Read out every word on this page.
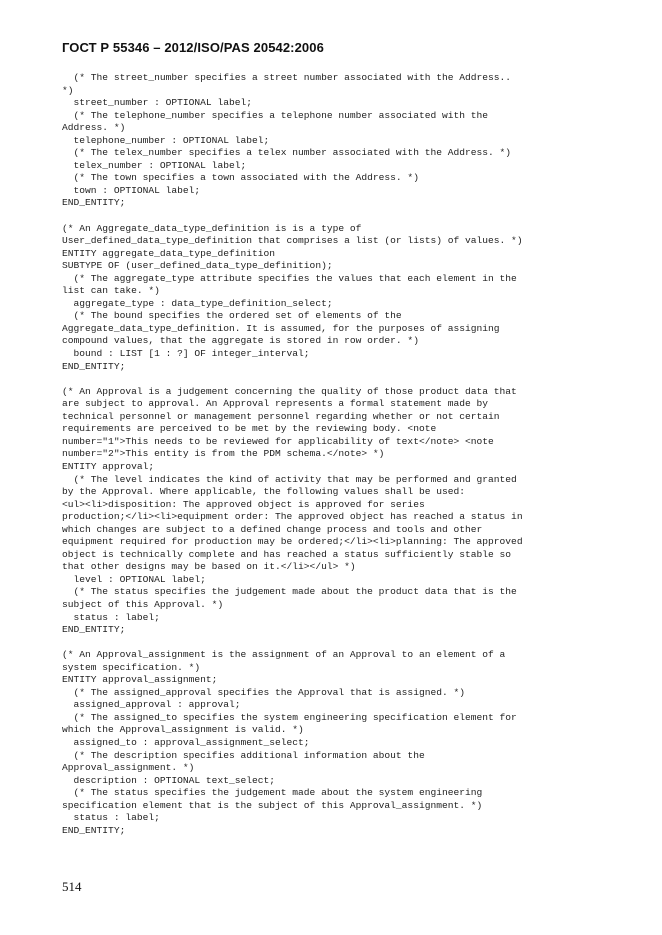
ГОСТ Р 55346 – 2012/ISO/PAS 20542:2006
(* The street_number specifies a street number associated with the Address..
*)
street_number : OPTIONAL label;
(* The telephone_number specifies a telephone number associated with the
Address. *)
telephone_number : OPTIONAL label;
(* The telex_number specifies a telex number associated with the Address. *)
telex_number : OPTIONAL label;
(* The town specifies a town associated with the Address. *)
town : OPTIONAL label;
END_ENTITY;

(* An Aggregate_data_type_definition is is a type of
User_defined_data_type_definition that comprises a list (or lists) of values. *)
ENTITY aggregate_data_type_definition
SUBTYPE OF (user_defined_data_type_definition);
(* The aggregate_type attribute specifies the values that each element in the
list can take. *)
aggregate_type : data_type_definition_select;
(* The bound specifies the ordered set of elements of the
Aggregate_data_type_definition. It is assumed, for the purposes of assigning
compound values, that the aggregate is stored in row order. *)
bound : LIST [1 : ?] OF integer_interval;
END_ENTITY;

(* An Approval is a judgement concerning the quality of those product data that
are subject to approval. An Approval represents a formal statement made by
technical personnel or management personnel regarding whether or not certain
requirements are perceived to be met by the reviewing body. <note
number="1">This needs to be reviewed for applicability of text</note> <note
number="2">This entity is from the PDM schema.</note> *)
ENTITY approval;
(* The level indicates the kind of activity that may be performed and granted
by the Approval. Where applicable, the following values shall be used:
<ul><li>disposition: The approved object is approved for series
production;</li><li>equipment order: The approved object has reached a status in
which changes are subject to a defined change process and tools and other
equipment required for production may be ordered;</li><li>planning: The approved
object is technically complete and has reached a status sufficiently stable so
that other designs may be based on it.</li></ul> *)
level : OPTIONAL label;
(* The status specifies the judgement made about the product data that is the
subject of this Approval. *)
status : label;
END_ENTITY;

(* An Approval_assignment is the assignment of an Approval to an element of a
system specification. *)
ENTITY approval_assignment;
(* The assigned_approval specifies the Approval that is assigned. *)
assigned_approval : approval;
(* The assigned_to specifies the system engineering specification element for
which the Approval_assignment is valid. *)
assigned_to : approval_assignment_select;
(* The description specifies additional information about the
Approval_assignment. *)
description : OPTIONAL text_select;
(* The status specifies the judgement made about the system engineering
specification element that is the subject of this Approval_assignment. *)
status : label;
END_ENTITY;
514
